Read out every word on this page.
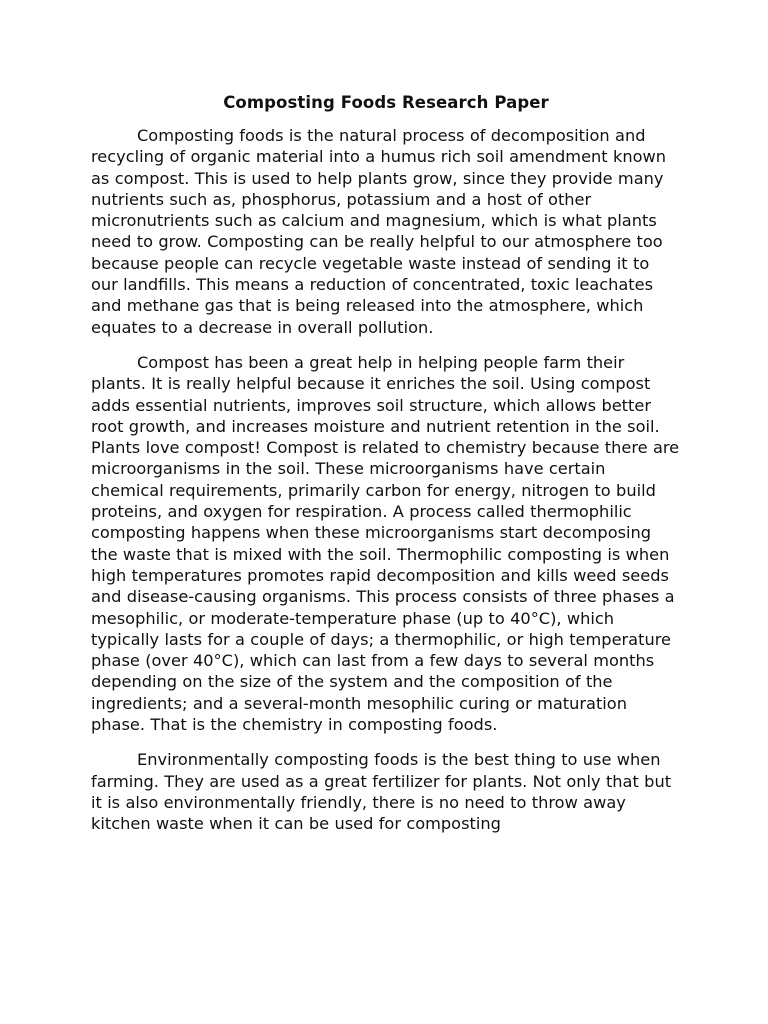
Composting Foods Research Paper

Composting foods is the natural process of decomposition and recycling of organic material into a humus rich soil amendment known as compost. This is used to help plants grow, since they provide many nutrients such as, phosphorus, potassium and a host of other micronutrients such as calcium and magnesium, which is what plants need to grow. Composting can be really helpful to our atmosphere too because people can recycle vegetable waste instead of sending it to our landfills. This means a reduction of concentrated, toxic leachates and methane gas that is being released into the atmosphere, which equates to a decrease in overall pollution.

Compost has been a great help in helping people farm their plants. It is really helpful because it enriches the soil. Using compost adds essential nutrients, improves soil structure, which allows better root growth, and increases moisture and nutrient retention in the soil. Plants love compost! Compost is related to chemistry because there are microorganisms in the soil. These microorganisms have certain chemical requirements, primarily carbon for energy, nitrogen to build proteins, and oxygen for respiration. A process called thermophilic composting happens when these microorganisms start decomposing the waste that is mixed with the soil. Thermophilic composting is when high temperatures promotes rapid decomposition and kills weed seeds and disease-causing organisms. This process consists of three phases a mesophilic, or moderate-temperature phase (up to 40°C), which typically lasts for a couple of days; a thermophilic, or high temperature phase (over 40°C), which can last from a few days to several months depending on the size of the system and the composition of the ingredients; and a several-month mesophilic curing or maturation phase. That is the chemistry in composting foods.

Environmentally composting foods is the best thing to use when farming. They are used as a great fertilizer for plants. Not only that but it is also environmentally friendly, there is no need to throw away kitchen waste when it can be used for composting
